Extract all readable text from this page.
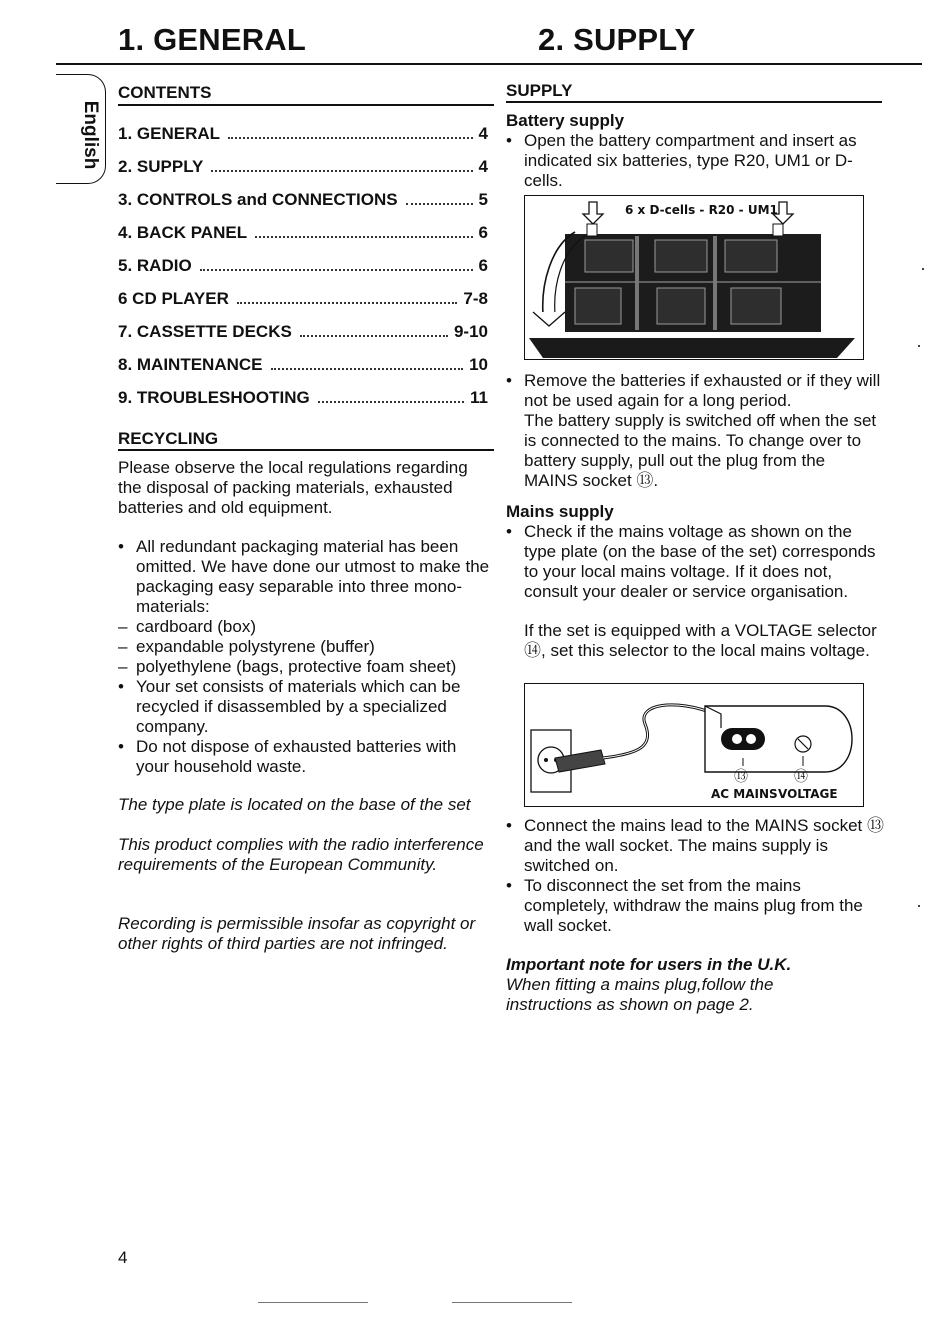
1. GENERAL	2. SUPPLY
English
CONTENTS
1. GENERAL	4
2. SUPPLY	4
3. CONTROLS and CONNECTIONS	5
4. BACK PANEL	6
5. RADIO	6
6 CD PLAYER	7-8
7. CASSETTE DECKS	9-10
8. MAINTENANCE	10
9. TROUBLESHOOTING	11
RECYCLING
Please observe the local regulations regarding the disposal of packing materials, exhausted batteries and old equipment.
• All redundant packaging material has been omitted. We have done our utmost to make the packaging easy separable into three mono-materials:
– cardboard (box)
– expandable polystyrene (buffer)
– polyethylene (bags, protective foam sheet)
• Your set consists of materials which can be recycled if disassembled by a specialized company.
• Do not dispose of exhausted batteries with your household waste.
The type plate is located on the base of the set
This product complies with the radio interference requirements of the European Community.
Recording is permissible insofar as copyright or other rights of third parties are not infringed.
SUPPLY
Battery supply
• Open the battery compartment and insert as indicated six batteries, type R20, UM1 or D-cells.
6 x D-cells - R20 - UM1
• Remove the batteries if exhausted or if they will not be used again for a long period.
The battery supply is switched off when the set is connected to the mains. To change over to battery supply, pull out the plug from the MAINS socket ⑬.
Mains supply
• Check if the mains voltage as shown on the type plate (on the base of the set) corresponds to your local mains voltage. If it does not, consult your dealer or service organisation.
If the set is equipped with a VOLTAGE selector ⑭, set this selector to the local mains voltage.
⑬	⑭
AC MAINS VOLTAGE
• Connect the mains lead to the MAINS socket ⑬ and the wall socket. The mains supply is switched on.
• To disconnect the set from the mains completely, withdraw the mains plug from the wall socket.
Important note for users in the U.K.
When fitting a mains plug,follow the instructions as shown on page 2.
4
